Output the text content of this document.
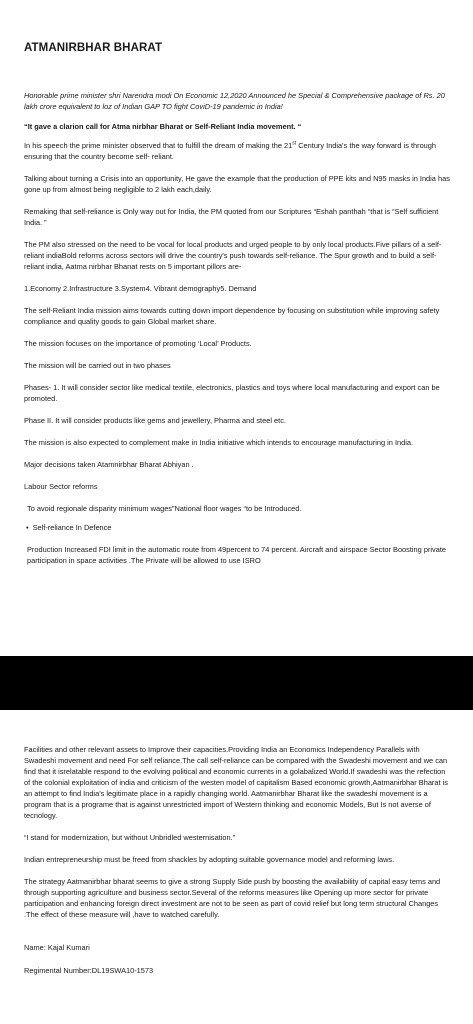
ATMANIRBHAR BHARAT

Honorable prime minister shri Narendra modi On Economic 12,2020 Announced he Special & Comprehensive package of Rs. 20 lakh crore equivalent to loz of Indian GAP TO fight CoviD-19 pandemic in India!

“It gave a clarion call for Atma nirbhar Bharat or Self-Reliant India movement. “

In his speech the prime minister observed that to fulfill the dream of making the 21st Century India's the way forward is through ensuring that the country become self- reliant.

Talking about turning a Crisis into an opportunity, He gave the example that the production of PPE kits and N95 masks in India has gone up from almost being negligible to 2 lakh each,daily.

Remaking that self-reliance is Only way out for India, the PM quoted from our Scriptures “Eshah panthah “that is “Self sufficient India. ”

The PM also stressed on the need to be vocal for local products and urged people to by only local products.Five pillars of a self-reliant indiaBold reforms across sectors will drive the country's push towards self-reliance. The Spur growth and to build a self-reliant india, Aatma nirbhar Bhanat rests on 5 important pillors are-

1.Economy 2.Infrastructure 3.System4. Vibrant demography5. Demand

The self-Reliant India mission aims towards cutting down import dependence by focusing on substitution while improving safety compliance and quality goods to gain Global market share.

The mission focuses on the importance of promoting ‘Local’ Products.

The mission will be carried out in two phases

Phases- 1. It will consider sector like medical textile, electronics, plastics and toys where local manufacturing and export can be promoted.

Phase II. It will consider products like gems and jewellery, Pharma and steel etc.

The mission is also expected to complement make in India initiative which intends to encourage manufacturing in India.

Major decisions taken Atamnirbhar Bharat Abhiyan .

Labour Sector reforms

To avoid regionale disparity minimum wages”National floor wages “to be Introduced.

• Self-reliance In Defence

Production Increased FDI limit in the automatic route from 49percent to 74 percent. Aircraft and airspace Sector Boosting private participation in space activities .The Private will be allowed to use ISRO

Facilities and other relevant assets to Improve their capacities.Providing India an Economics Independency Parallels with Swadeshi movement and need For self reliance.The call self-reliance can be compared with the Swadeshi movement and we can find that it isrelatable respond to the evolving political and economic currents in a golabalized World.If swadeshi was the refection of the colonial exploitation of india and criticism of the westen model of capitalism Based economic growth,Aatmanirbhar Bharat is an attempt to find India's legitimate place in a rapidly changing world. Aatmanirbhar Bharat like the swadeshi movement is a program that is a programe that is against unrestricted import of Western thinking and economic Models, But Is not averse of tecnology.

“I stand for modernization, but without Unbridled westernisation.”

Indian entrepreneurship must be freed from shackles by adopting suitable governance model and reforming laws.

The strategy Aatmanirbhar bharat seems to give a strong Supply Side push by boosting the availability of capital easy tems and through supporting agriculture and business sector.Several of the reforms measures like Opening up more sector for private participation and enhancing foreign direct investment are not to be seen as part of covid relief but long term structural Changes .The effect of these measure will ,have to watched carefully.

Name: Kajal Kumari

Regimental Number:DL19SWA10-1573
